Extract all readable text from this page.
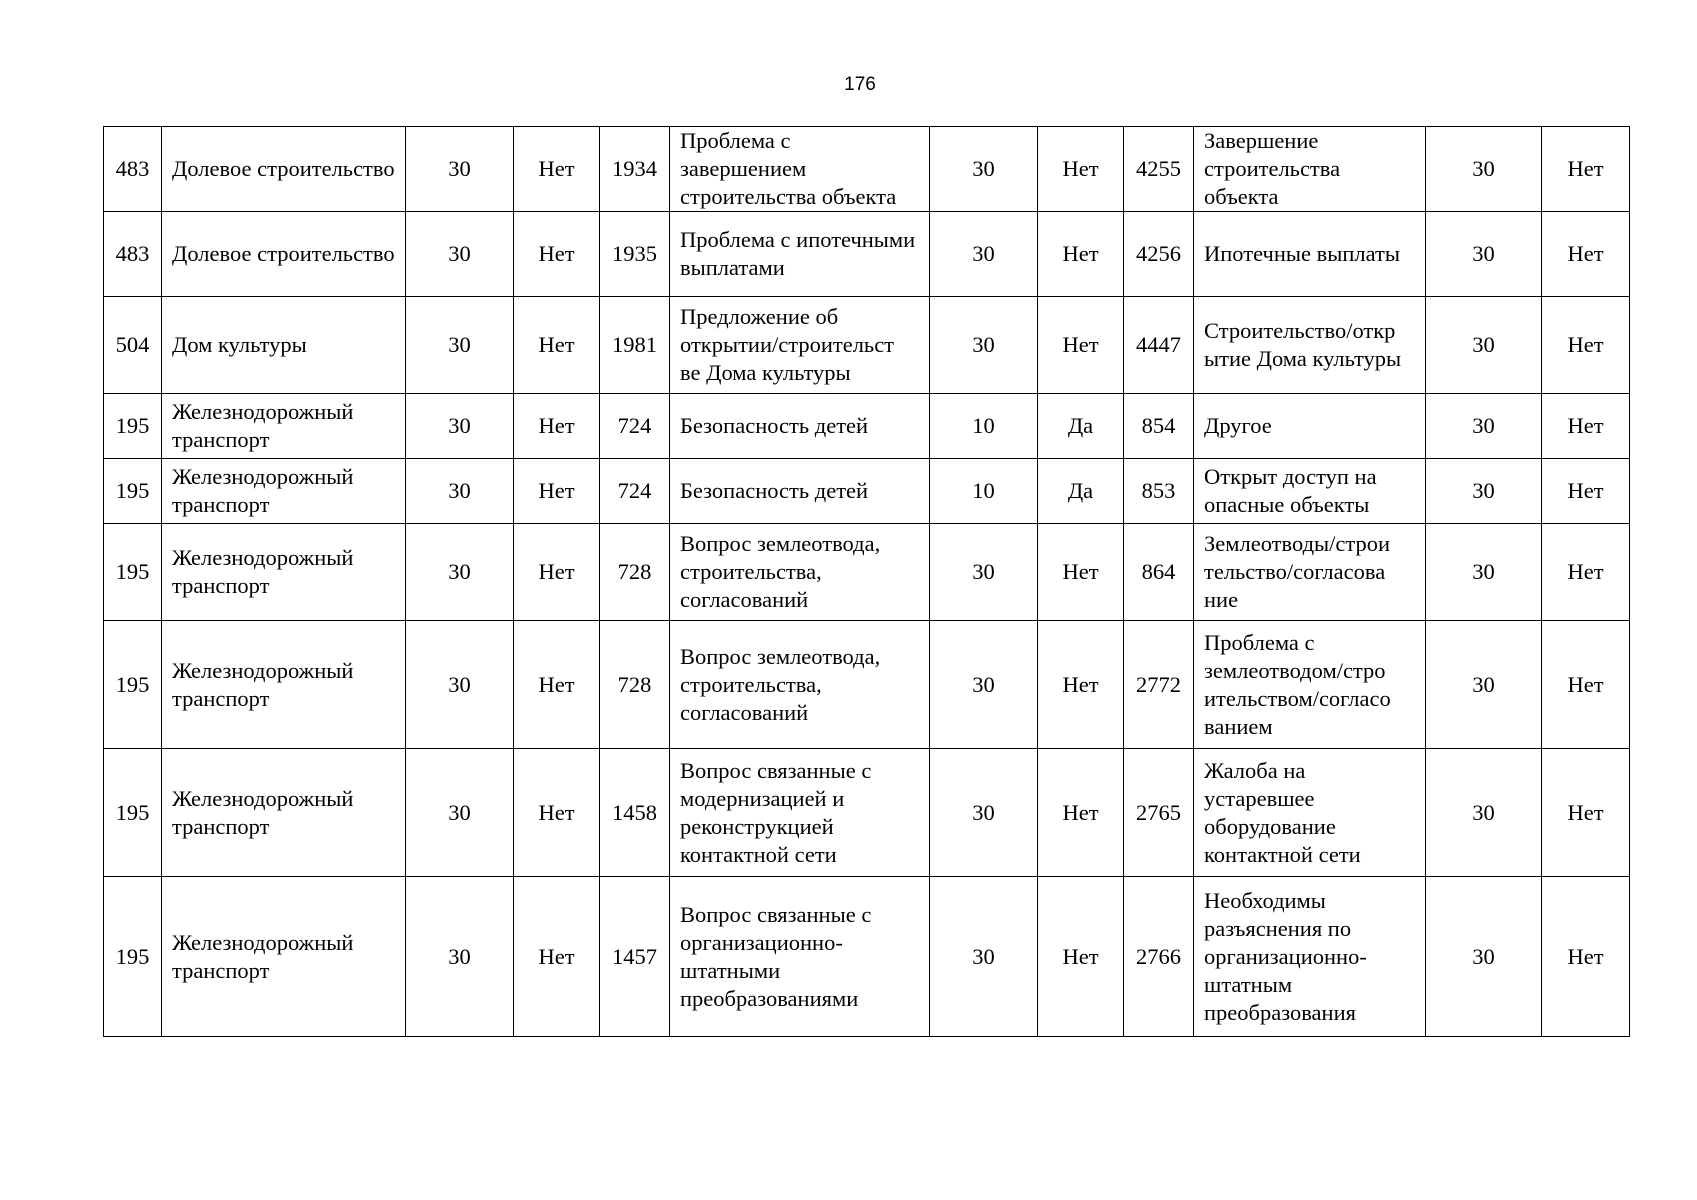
176
483	Долевое строительство	30	Нет	1934	Проблема с завершением строительства объекта	30	Нет	4255	Завершение строительства объекта	30	Нет
483	Долевое строительство	30	Нет	1935	Проблема с ипотечными выплатами	30	Нет	4256	Ипотечные выплаты	30	Нет
504	Дом культуры	30	Нет	1981	Предложение об открытии/строительст ве Дома культуры	30	Нет	4447	Строительство/откр ытие Дома культуры	30	Нет
195	Железнодорожный транспорт	30	Нет	724	Безопасность детей	10	Да	854	Другое	30	Нет
195	Железнодорожный транспорт	30	Нет	724	Безопасность детей	10	Да	853	Открыт доступ на опасные объекты	30	Нет
195	Железнодорожный транспорт	30	Нет	728	Вопрос землеотвода, строительства, согласований	30	Нет	864	Землеотводы/строи тельство/согласова ние	30	Нет
195	Железнодорожный транспорт	30	Нет	728	Вопрос землеотвода, строительства, согласований	30	Нет	2772	Проблема с землеотводом/стро ительством/согласо ванием	30	Нет
195	Железнодорожный транспорт	30	Нет	1458	Вопрос связанные с модернизацией и реконструкцией контактной сети	30	Нет	2765	Жалоба на устаревшее оборудование контактной сети	30	Нет
195	Железнодорожный транспорт	30	Нет	1457	Вопрос связанные с организационно-штатными преобразованиями	30	Нет	2766	Необходимы разъяснения по организационно-штатным преобразования	30	Нет
